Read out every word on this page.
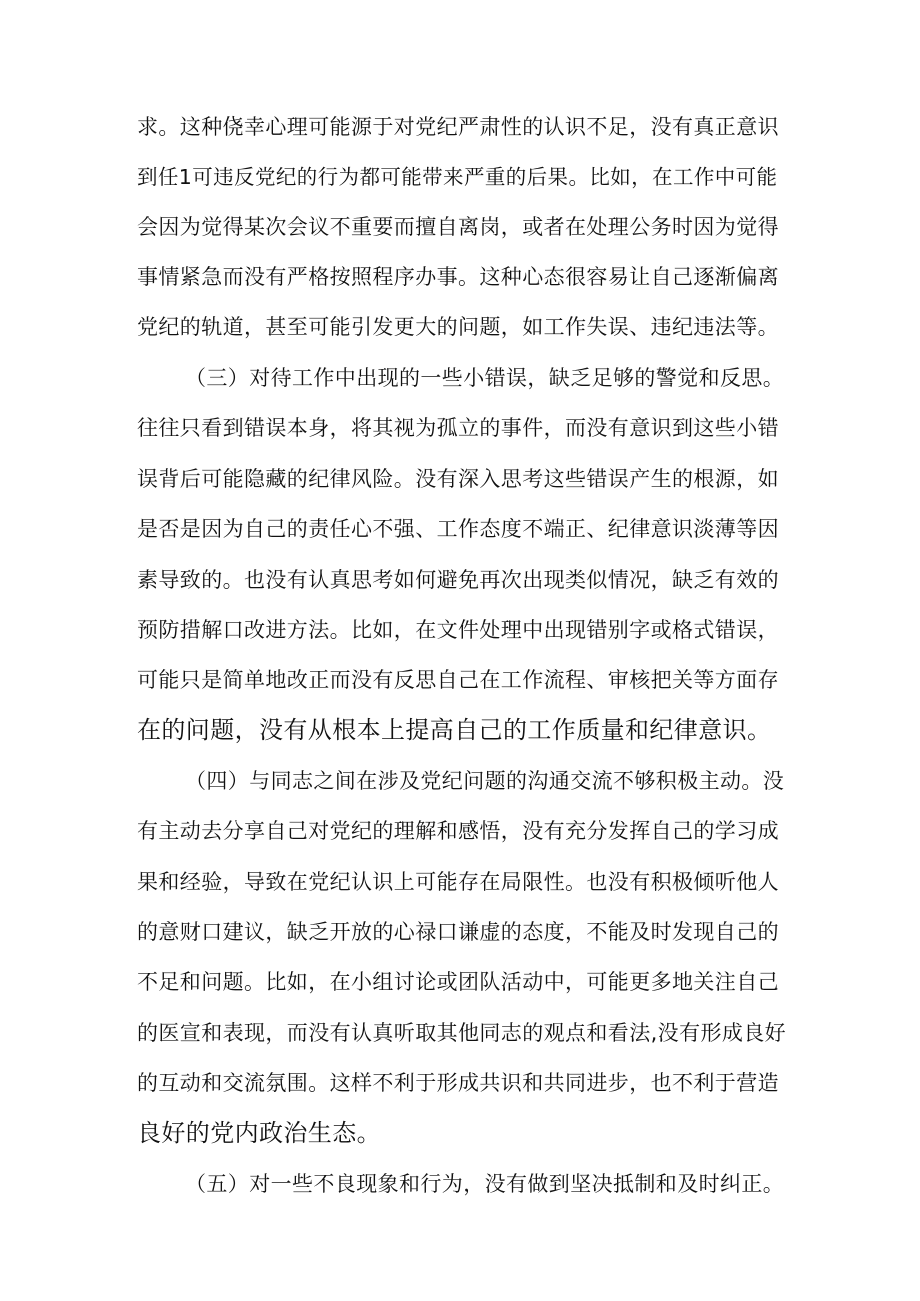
求。这种侥幸心理可能源于对党纪严肃性的认识不足，没有真正意识
到任1可违反党纪的行为都可能带来严重的后果。比如，在工作中可能
会因为觉得某次会议不重要而擅自离岗，或者在处理公务时因为觉得
事情紧急而没有严格按照程序办事。这种心态很容易让自己逐渐偏离
党纪的轨道，甚至可能引发更大的问题，如工作失误、违纪违法等。
（三）对待工作中出现的一些小错误，缺乏足够的警觉和反思。
往往只看到错误本身，将其视为孤立的事件，而没有意识到这些小错
误背后可能隐藏的纪律风险。没有深入思考这些错误产生的根源，如
是否是因为自己的责任心不强、工作态度不端正、纪律意识淡薄等因
素导致的。也没有认真思考如何避免再次出现类似情况，缺乏有效的
预防措解口改进方法。比如，在文件处理中出现错别字或格式错误，
可能只是简单地改正而没有反思自己在工作流程、审核把关等方面存
在的问题，没有从根本上提高自己的工作质量和纪律意识。
（四）与同志之间在涉及党纪问题的沟通交流不够积极主动。没
有主动去分享自己对党纪的理解和感悟，没有充分发挥自己的学习成
果和经验，导致在党纪认识上可能存在局限性。也没有积极倾听他人
的意财口建议，缺乏开放的心禄口谦虚的态度，不能及时发现自己的
不足和问题。比如，在小组讨论或团队活动中，可能更多地关注自己
的医宣和表现，而没有认真听取其他同志的观点和看法,没有形成良好
的互动和交流氛围。这样不利于形成共识和共同进步，也不利于营造
良好的党内政治生态。
（五）对一些不良现象和行为，没有做到坚决抵制和及时纠正。
